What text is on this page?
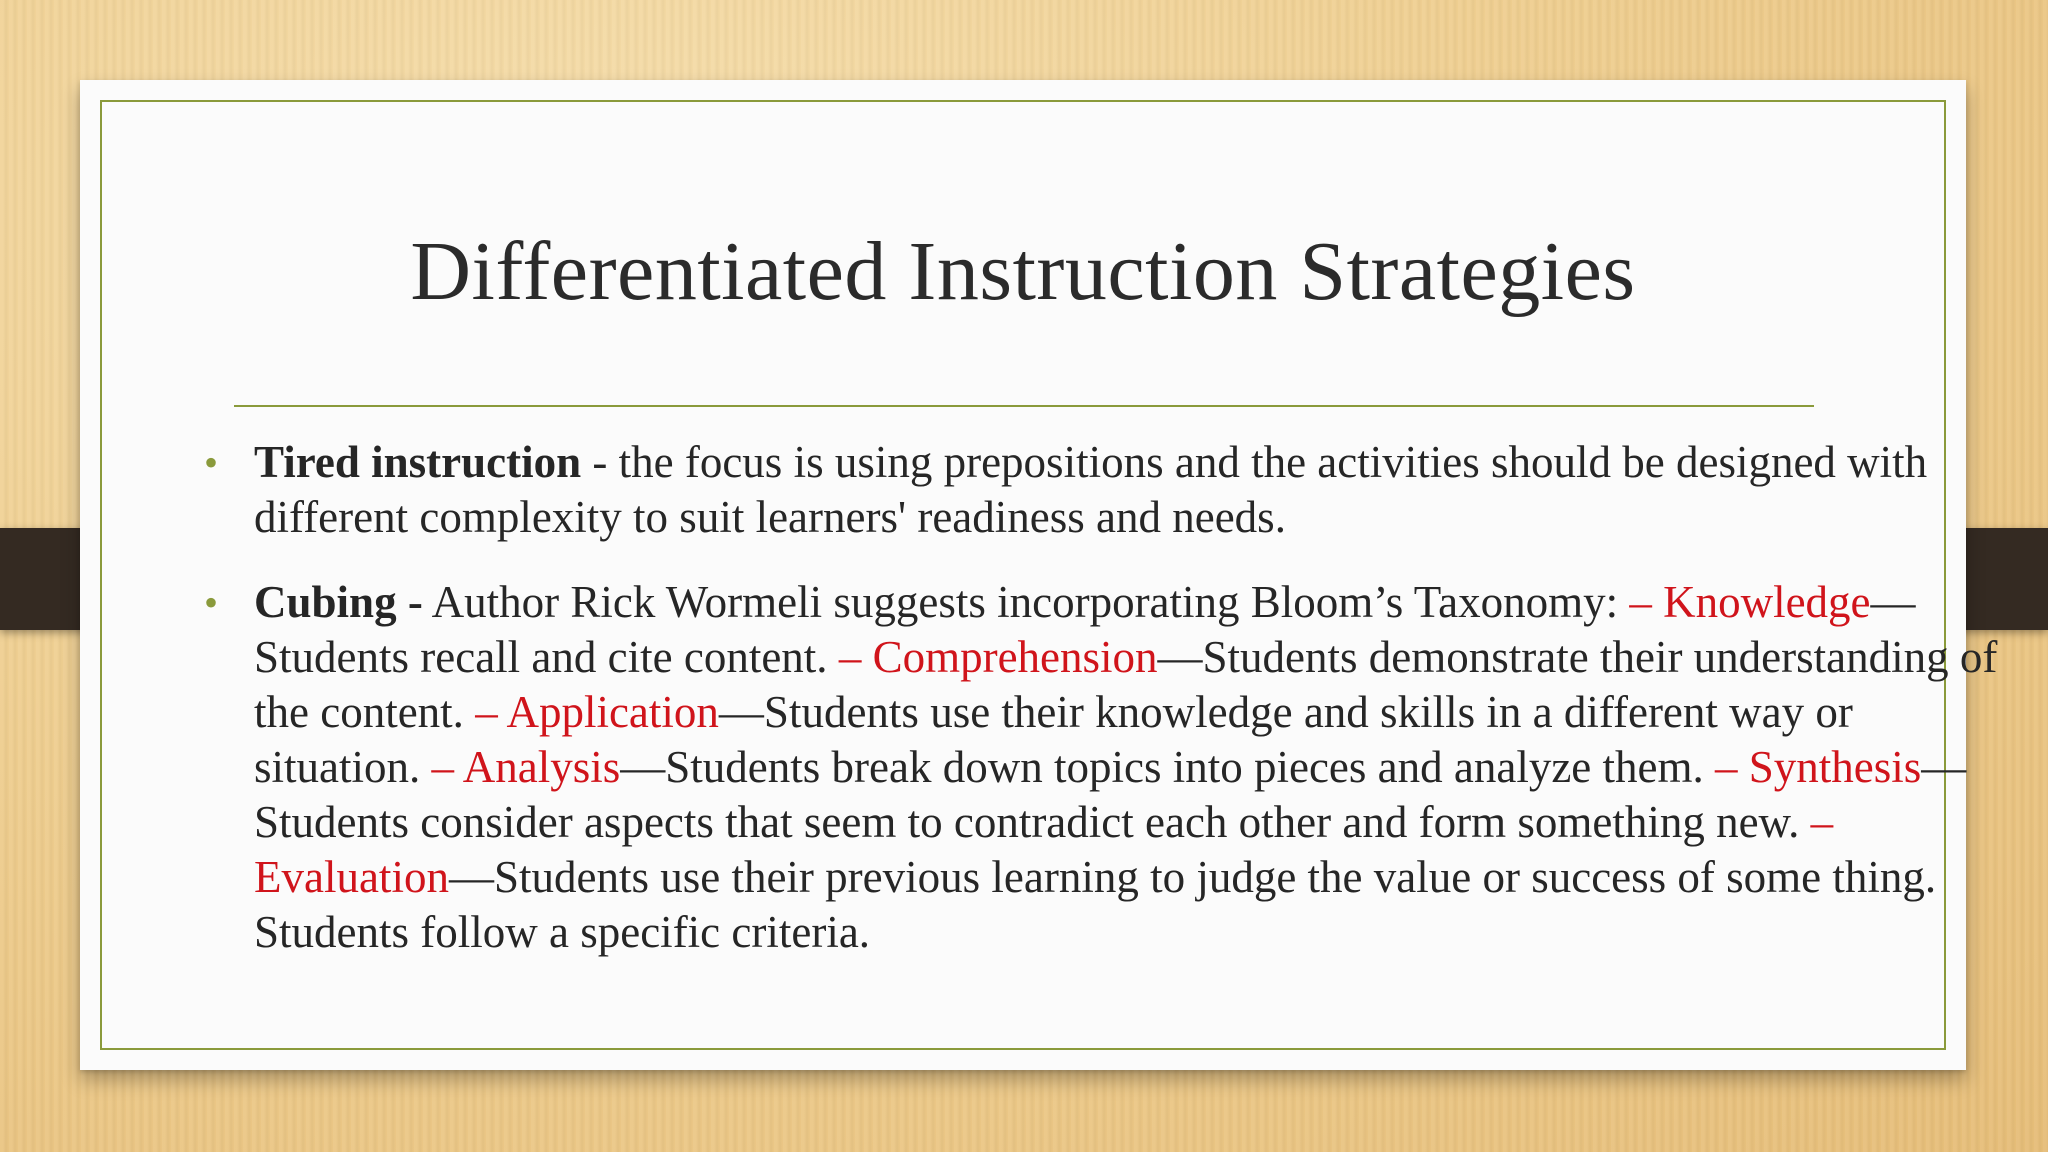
Differentiated Instruction Strategies
• Tired instruction - the focus is using prepositions and the activities should be designed with different complexity to suit learners' readiness and needs.
• Cubing - Author Rick Wormeli suggests incorporating Bloom’s Taxonomy: – Knowledge—Students recall and cite content. – Comprehension—Students demonstrate their understanding of the content. – Application—Students use their knowledge and skills in a different way or situation. – Analysis—Students break down topics into pieces and analyze them. – Synthesis—Students consider aspects that seem to contradict each other and form something new. – Evaluation—Students use their previous learning to judge the value or success of some thing. Students follow a specific criteria.
